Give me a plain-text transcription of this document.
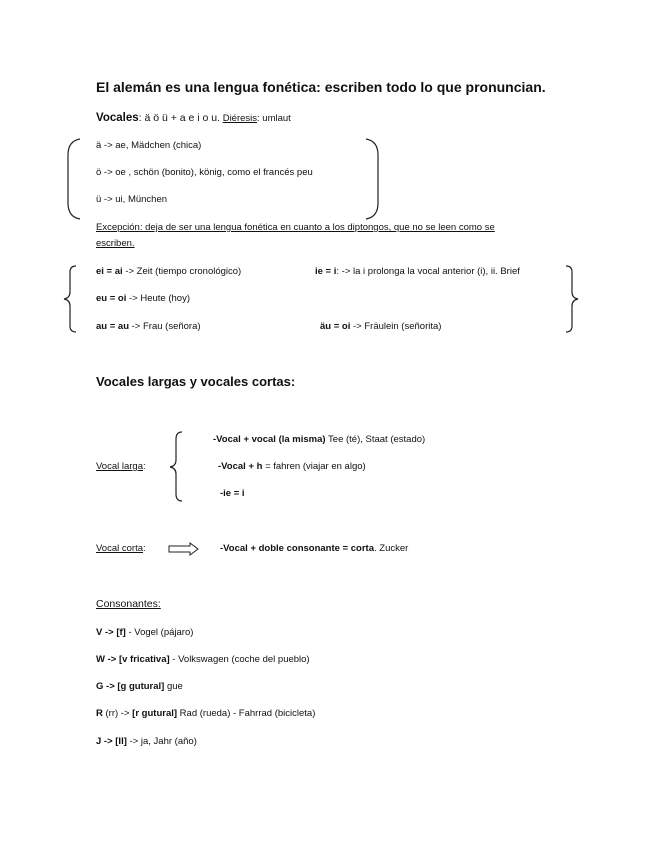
El alemán es una lengua fonética: escriben todo lo que pronuncian.
Vocales: ä ö ü + a e i o u. Diéresis: umlaut
ä -> ae, Mädchen (chica)
ö -> oe , schön (bonito), könig, como el francés peu
ü -> ui, München
Excepción: deja de ser una lengua fonética en cuanto a los diptongos, que no se leen como se
escriben.
ei = ai -> Zeit (tiempo cronológico)	ie = i: -> la i prolonga la vocal anterior (i), ii. Brief
eu = oi -> Heute (hoy)
au = au -> Frau (señora)	äu = oi -> Fräulein (señorita)
Vocales largas y vocales cortas:
Vocal larga:
-Vocal + vocal (la misma) Tee (té), Staat (estado)
-Vocal + h = fahren (viajar en algo)
-ie = i
Vocal corta:	-Vocal + doble consonante = corta. Zucker
Consonantes:
V -> [f] - Vogel (pájaro)
W -> [v fricativa] - Volkswagen (coche del pueblo)
G -> [g gutural] gue
R (rr) -> [r gutural] Rad (rueda) - Fahrrad (bicicleta)
J -> [II] -> ja, Jahr (año)
